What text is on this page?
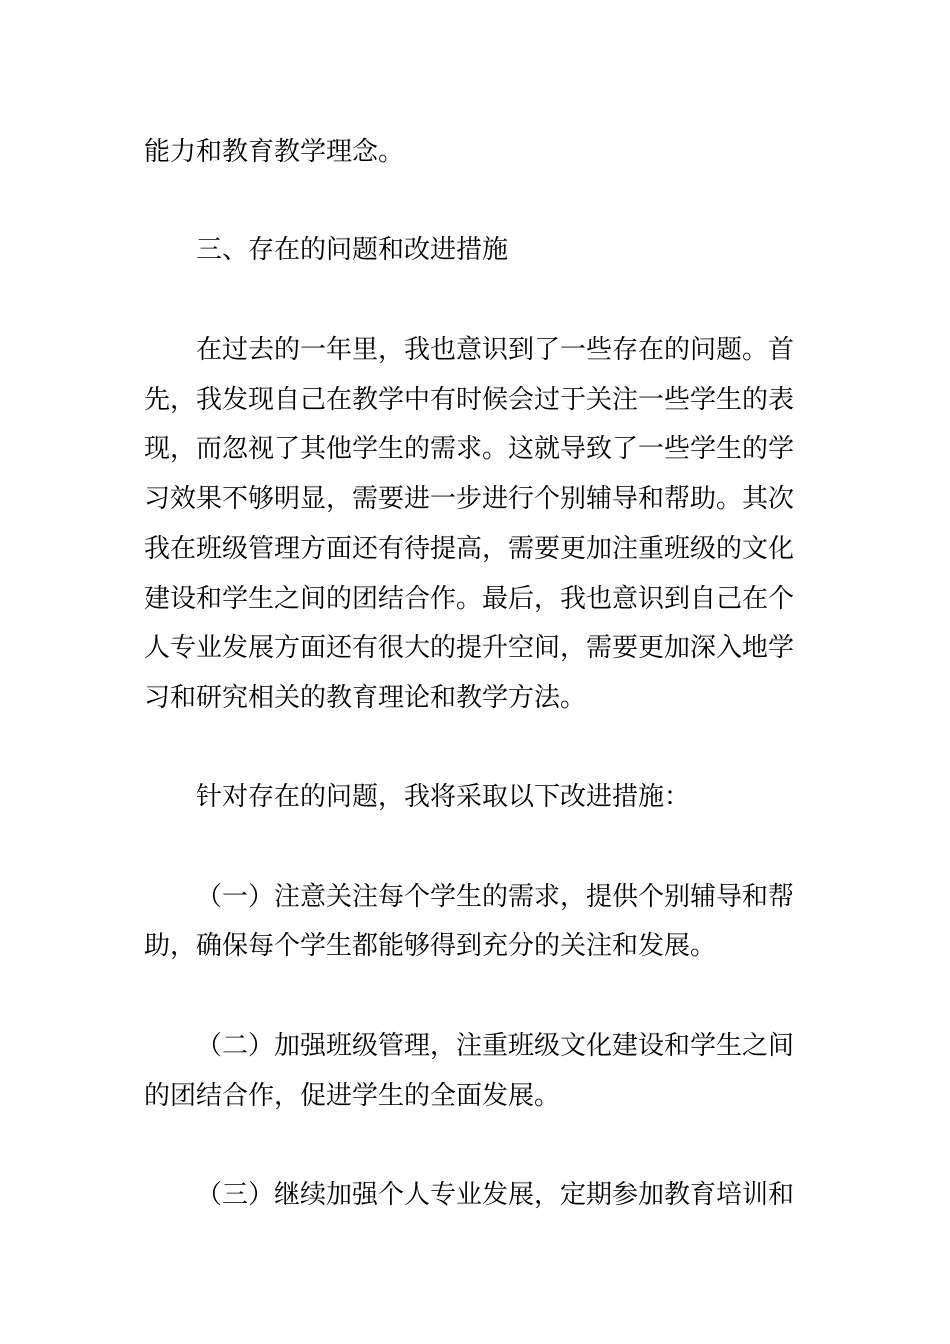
能力和教育教学理念。
三、存在的问题和改进措施
在过去的一年里，我也意识到了一些存在的问题。首
先，我发现自己在教学中有时候会过于关注一些学生的表
现，而忽视了其他学生的需求。这就导致了一些学生的学
习效果不够明显，需要进一步进行个别辅导和帮助。其次
我在班级管理方面还有待提高，需要更加注重班级的文化
建设和学生之间的团结合作。最后，我也意识到自己在个
人专业发展方面还有很大的提升空间，需要更加深入地学
习和研究相关的教育理论和教学方法。
针对存在的问题，我将采取以下改进措施：
（一）注意关注每个学生的需求，提供个别辅导和帮
助，确保每个学生都能够得到充分的关注和发展。
（二）加强班级管理，注重班级文化建设和学生之间
的团结合作，促进学生的全面发展。
（三）继续加强个人专业发展，定期参加教育培训和
